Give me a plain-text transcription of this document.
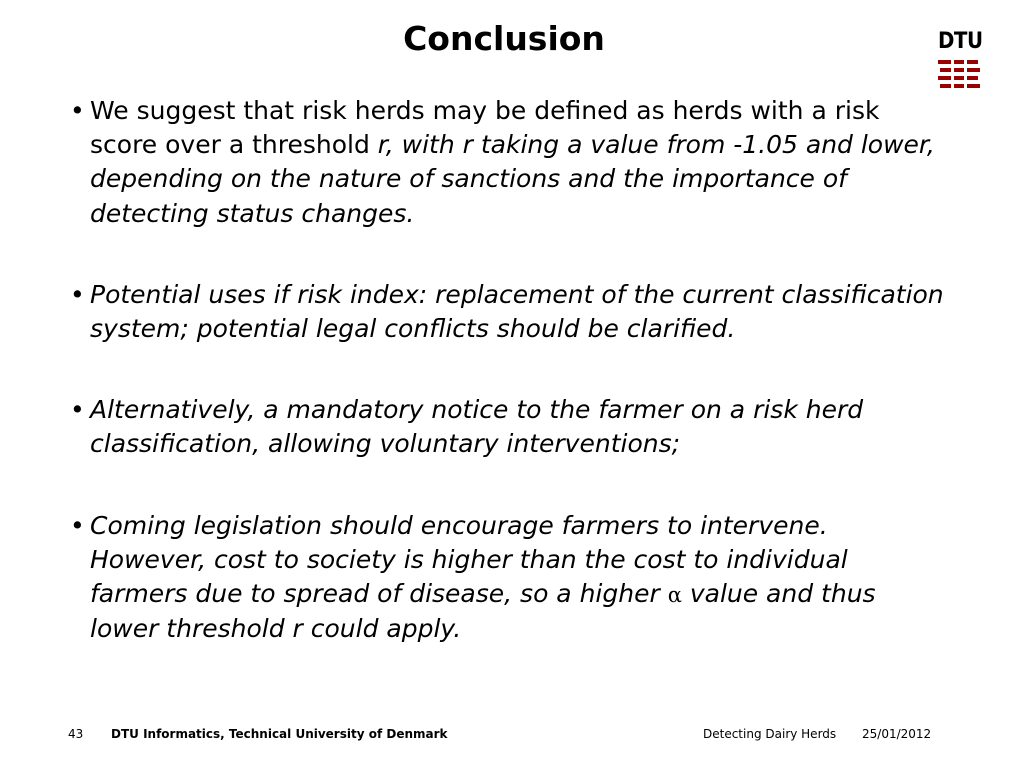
Conclusion	DTU
• We suggest that risk herds may be defined as herds with a risk score over a threshold r, with r taking a value from -1.05 and lower, depending on the nature of sanctions and the importance of detecting status changes.
• Potential uses if risk index: replacement of the current classification system; potential legal conflicts should be clarified.
• Alternatively, a mandatory notice to the farmer on a risk herd classification, allowing voluntary interventions;
• Coming legislation should encourage farmers to intervene. However, cost to society is higher than the cost to individual farmers due to spread of disease, so a higher α value and thus lower threshold r could apply.
43 DTU Informatics, Technical University of Denmark	Detecting Dairy Herds 25/01/2012
